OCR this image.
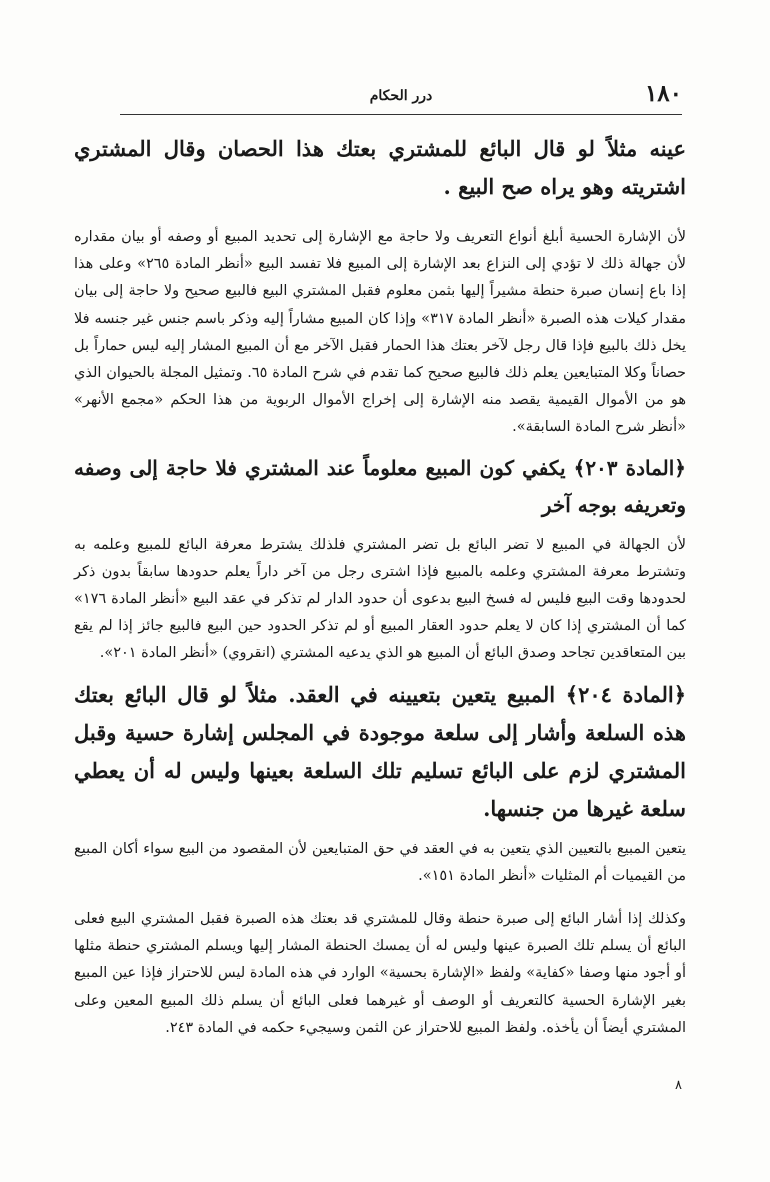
١٨٠
درر الحكام

عينه مثلاً لو قال البائع للمشتري بعتك هذا الحصان وقال المشتري اشتريته وهو يراه صح البيع .

لأن الإشارة الحسية أبلغ أنواع التعريف ولا حاجة مع الإشارة إلى تحديد المبيع أو وصفه أو بيان مقداره لأن جهالة ذلك لا تؤدي إلى النزاع بعد الإشارة إلى المبيع فلا تفسد البيع «أنظر المادة ٢٦٥» وعلى هذا إذا باع إنسان صبرة حنطة مشيراً إليها بثمن معلوم فقبل المشتري البيع فالبيع صحيح ولا حاجة إلى بيان مقدار كيلات هذه الصبرة «أنظر المادة ٣١٧» وإذا كان المبيع مشاراً إليه وذكر باسم جنس غير جنسه فلا يخل ذلك بالبيع فإذا قال رجل لآخر بعتك هذا الحمار فقبل الآخر مع أن المبيع المشار إليه ليس حماراً بل حصاناً وكلا المتبايعين يعلم ذلك فالبيع صحيح كما تقدم في شرح المادة ٦٥. وتمثيل المجلة بالحيوان الذي هو من الأموال القيمية يقصد منه الإشارة إلى إخراج الأموال الربوية من هذا الحكم «مجمع الأنهر» «أنظر شرح المادة السابقة».

﴿المادة ٢٠٣﴾ يكفي كون المبيع معلوماً عند المشتري فلا حاجة إلى وصفه وتعريفه بوجه آخر

لأن الجهالة في المبيع لا تضر البائع بل تضر المشتري فلذلك يشترط معرفة البائع للمبيع وعلمه به وتشترط معرفة المشتري وعلمه بالمبيع فإذا اشترى رجل من آخر داراً يعلم حدودها سابقاً بدون ذكر لحدودها وقت البيع فليس له فسخ البيع بدعوى أن حدود الدار لم تذكر في عقد البيع «أنظر المادة ١٧٦» كما أن المشتري إذا كان لا يعلم حدود العقار المبيع أو لم تذكر الحدود حين البيع فالبيع جائز إذا لم يقع بين المتعاقدين تجاحد وصدق البائع أن المبيع هو الذي يدعيه المشتري (انقروي) «أنظر المادة ٢٠١».

﴿المادة ٢٠٤﴾ المبيع يتعين بتعيينه في العقد. مثلاً لو قال البائع بعتك هذه السلعة وأشار إلى سلعة موجودة في المجلس إشارة حسية وقبل المشتري لزم على البائع تسليم تلك السلعة بعينها وليس له أن يعطي سلعة غيرها من جنسها.

يتعين المبيع بالتعيين الذي يتعين به في العقد في حق المتبايعين لأن المقصود من البيع سواء أكان المبيع من القيميات أم المثليات «أنظر المادة ١٥١».

وكذلك إذا أشار البائع إلى صبرة حنطة وقال للمشتري قد بعتك هذه الصبرة فقبل المشتري البيع فعلى البائع أن يسلم تلك الصبرة عينها وليس له أن يمسك الحنطة المشار إليها ويسلم المشتري حنطة مثلها أو أجود منها وصفا «كفاية» ولفظ «الإشارة بحسية» الوارد في هذه المادة ليس للاحتراز فإذا عين المبيع بغير الإشارة الحسية كالتعريف أو الوصف أو غيرهما فعلى البائع أن يسلم ذلك المبيع المعين وعلى المشتري أيضاً أن يأخذه. ولفظ المبيع للاحتراز عن الثمن وسيجيء حكمه في المادة ٢٤٣.

٨
